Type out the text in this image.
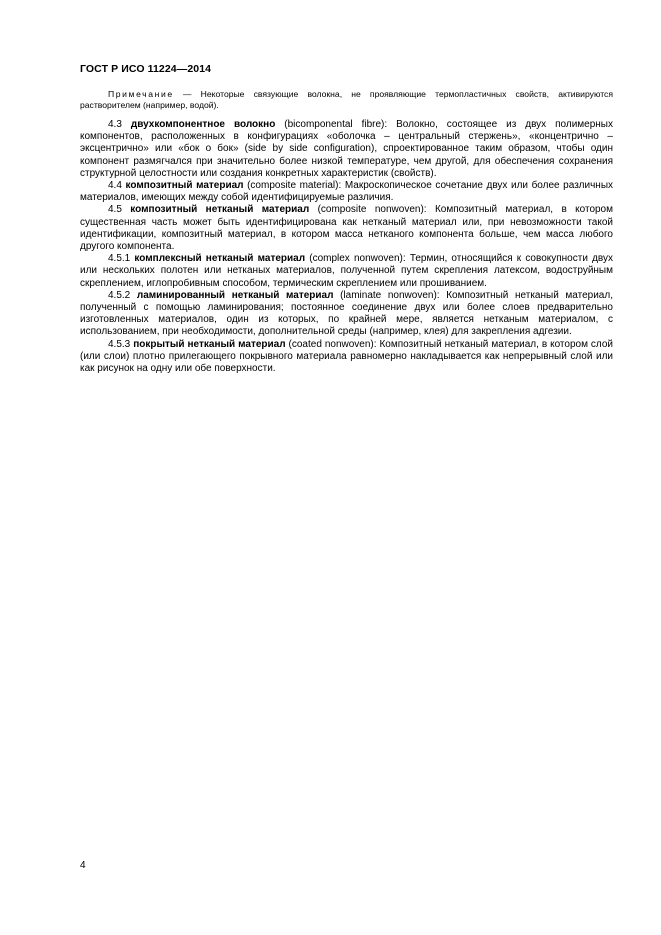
ГОСТ Р ИСО 11224—2014

Примечание — Некоторые связующие волокна, не проявляющие термопластичных свойств, активируются растворителем (например, водой).

4.3 двухкомпонентное волокно (bicomponental fibre): Волокно, состоящее из двух полимерных компонентов, расположенных в конфигурациях «оболочка – центральный стержень», «концентрично – эксцентрично» или «бок о бок» (side by side configuration), спроектированное таким образом, чтобы один компонент размягчался при значительно более низкой температуре, чем другой, для обеспечения сохранения структурной целостности или создания конкретных характеристик (свойств).

4.4 композитный материал (composite material): Макроскопическое сочетание двух или более различных материалов, имеющих между собой идентифицируемые различия.

4.5 композитный нетканый материал (composite nonwoven): Композитный материал, в котором существенная часть может быть идентифицирована как нетканый материал или, при невозможности такой идентификации, композитный материал, в котором масса нетканого компонента больше, чем масса любого другого компонента.

4.5.1 комплексный нетканый материал (complex nonwoven): Термин, относящийся к совокупности двух или нескольких полотен или нетканых материалов, полученной путем скрепления латексом, водоструйным скреплением, иглопробивным способом, термическим скреплением или прошиванием.

4.5.2 ламинированный нетканый материал (laminate nonwoven): Композитный нетканый материал, полученный с помощью ламинирования; постоянное соединение двух или более слоев предварительно изготовленных материалов, один из которых, по крайней мере, является нетканым материалом, с использованием, при необходимости, дополнительной среды (например, клея) для закрепления адгезии.

4.5.3 покрытый нетканый материал (coated nonwoven): Композитный нетканый материал, в котором слой (или слои) плотно прилегающего покрывного материала равномерно накладывается как непрерывный слой или как рисунок на одну или обе поверхности.

4
